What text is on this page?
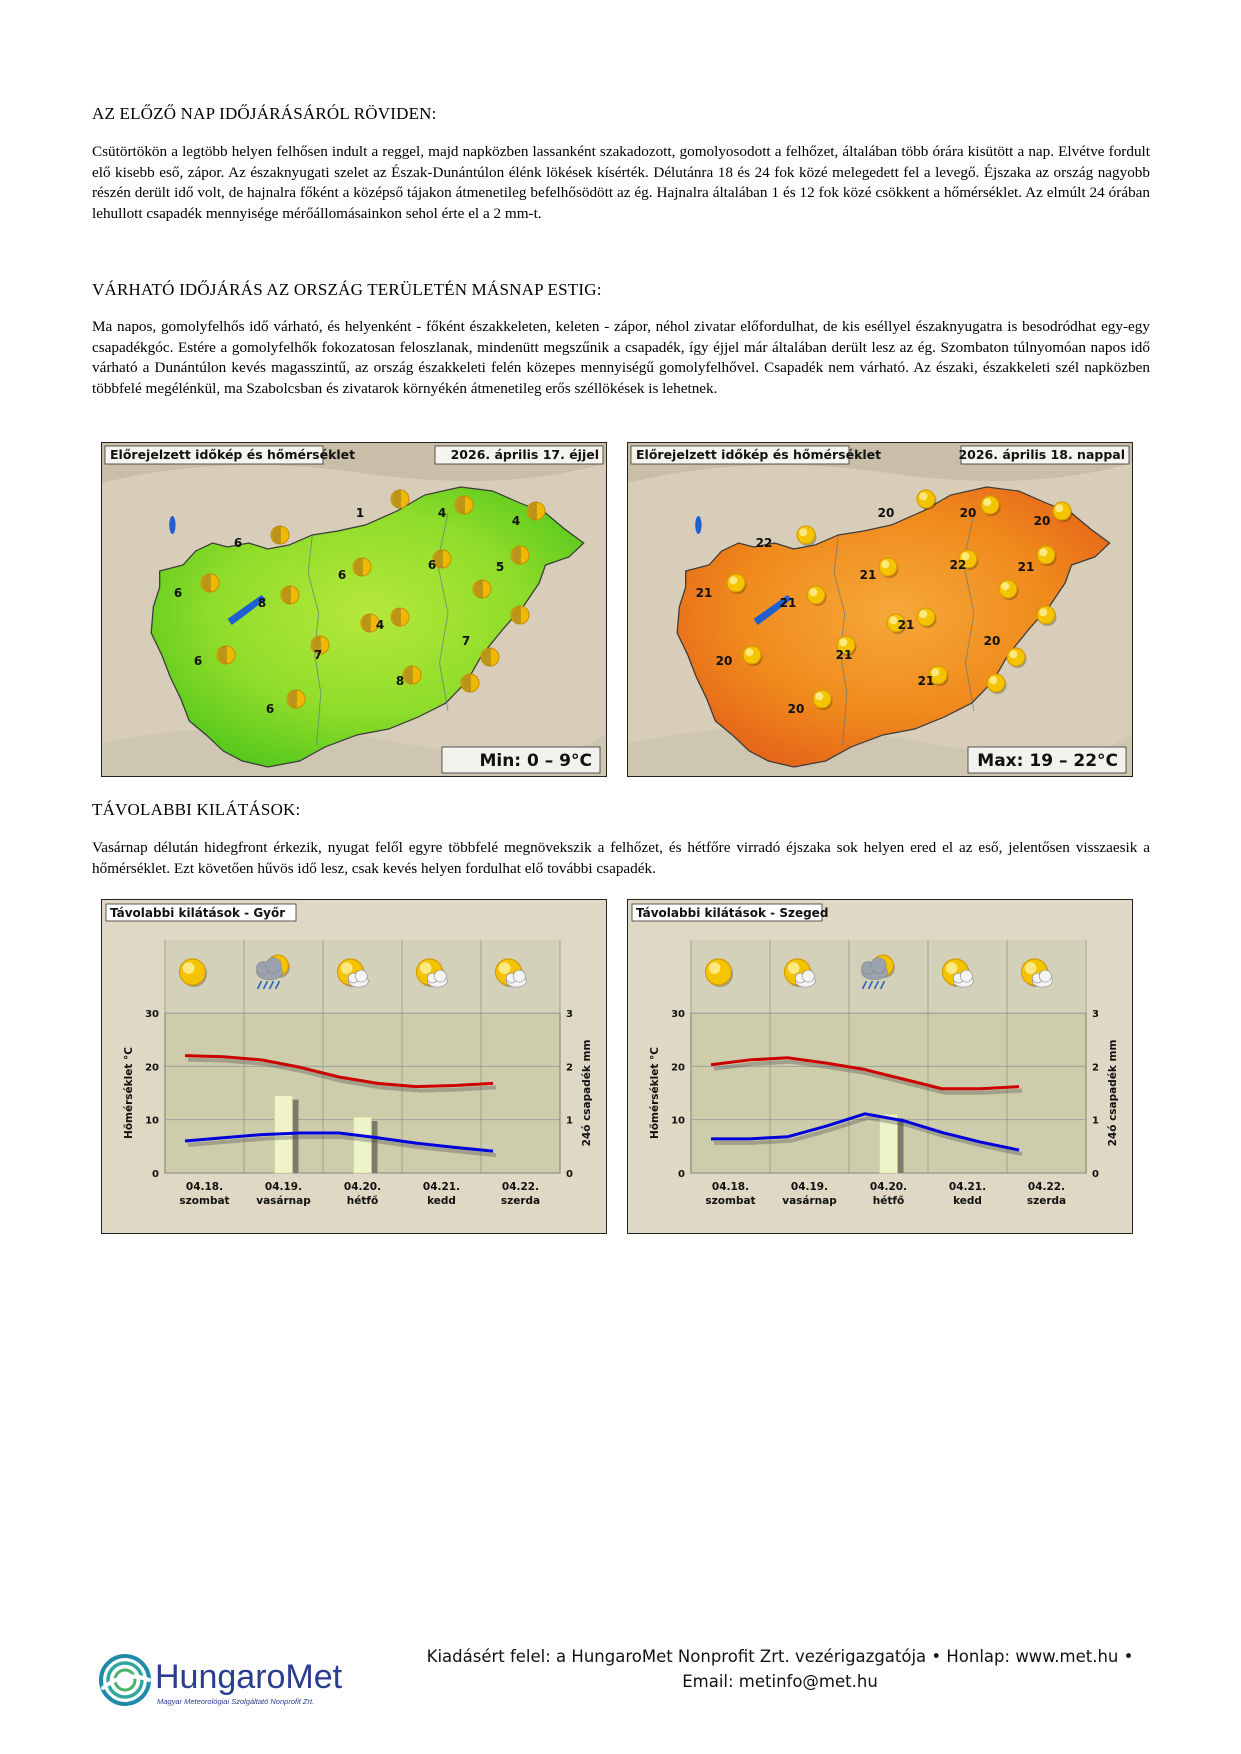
AZ ELŐZŐ NAP IDŐJÁRÁSÁRÓL RÖVIDEN:
Csütörtökön a legtöbb helyen felhősen indult a reggel, majd napközben lassanként szakadozott, gomolyosodott a felhőzet, általában több órára kisütött a nap. Elvétve fordult elő kisebb eső, zápor. Az északnyugati szelet az Észak-Dunántúlon élénk lökések kísérték. Délutánra 18 és 24 fok közé melegedett fel a levegő. Éjszaka az ország nagyobb részén derült idő volt, de hajnalra főként a középső tájakon átmenetileg befelhősödött az ég. Hajnalra általában 1 és 12 fok közé csökkent a hőmérséklet. Az elmúlt 24 órában lehullott csapadék mennyisége mérőállomásainkon sehol érte el a 2 mm-t.
VÁRHATÓ IDŐJÁRÁS AZ ORSZÁG TERÜLETÉN MÁSNAP ESTIG:
Ma napos, gomolyfelhős idő várható, és helyenként - főként északkeleten, keleten - zápor, néhol zivatar előfordulhat, de kis eséllyel északnyugatra is besodródhat egy-egy csapadékgóc. Estére a gomolyfelhők fokozatosan feloszlanak, mindenütt megszűnik a csapadék, így éjjel már általában derült lesz az ég. Szombaton túlnyomóan napos idő várható a Dunántúlon kevés magasszintű, az ország északkeleti felén közepes mennyiségű gomolyfelhővel. Csapadék nem várható. Az északi, északkeleti szél napközben többfelé megélénkül, ma Szabolcsban és zivatarok környékén átmenetileg erős széllökések is lehetnek.
TÁVOLABBI KILÁTÁSOK:
Vasárnap délután hidegfront érkezik, nyugat felől egyre többfelé megnövekszik a felhőzet, és hétfőre virradó éjszaka sok helyen ered el az eső, jelentősen visszaesik a hőmérséklet. Ezt követően hűvös idő lesz, csak kevés helyen fordulhat elő további csapadék.
6
1	4
4
6	5
6
8
6
4
7
6
7
6
8
Előrejelzett időkép és hőmérséklet	2026. április 17. éjjel
Min: 0 – 9°C
22
20	20
20
22	21
21
21
21
21
21
20
20
20
21
Előrejelzett időkép és hőmérséklet	2026. április 18. nappal
Max: 19 – 22°C
Távolabbi kilátások - Győr
0
10
20
30
0
1
2
3
Hőmérséklet °C	24ó csapadék mm
04.18.
szombat
04.19.
vasárnap
04.20.
hétfő
04.21.
kedd
04.22.
szerda
Távolabbi kilátások - Szeged
0
10
20
30
0
1
2
3
Hőmérséklet °C	24ó csapadék mm
04.18.
szombat
04.19.
vasárnap
04.20.
hétfő
04.21.
kedd
04.22.
szerda
HungaroMet
Magyar Meteorológiai Szolgáltató Nonprofit Zrt.
Kiadásért felel: a HungaroMet Nonprofit Zrt. vezérigazgatója • Honlap: www.met.hu •
Email: metinfo@met.hu
